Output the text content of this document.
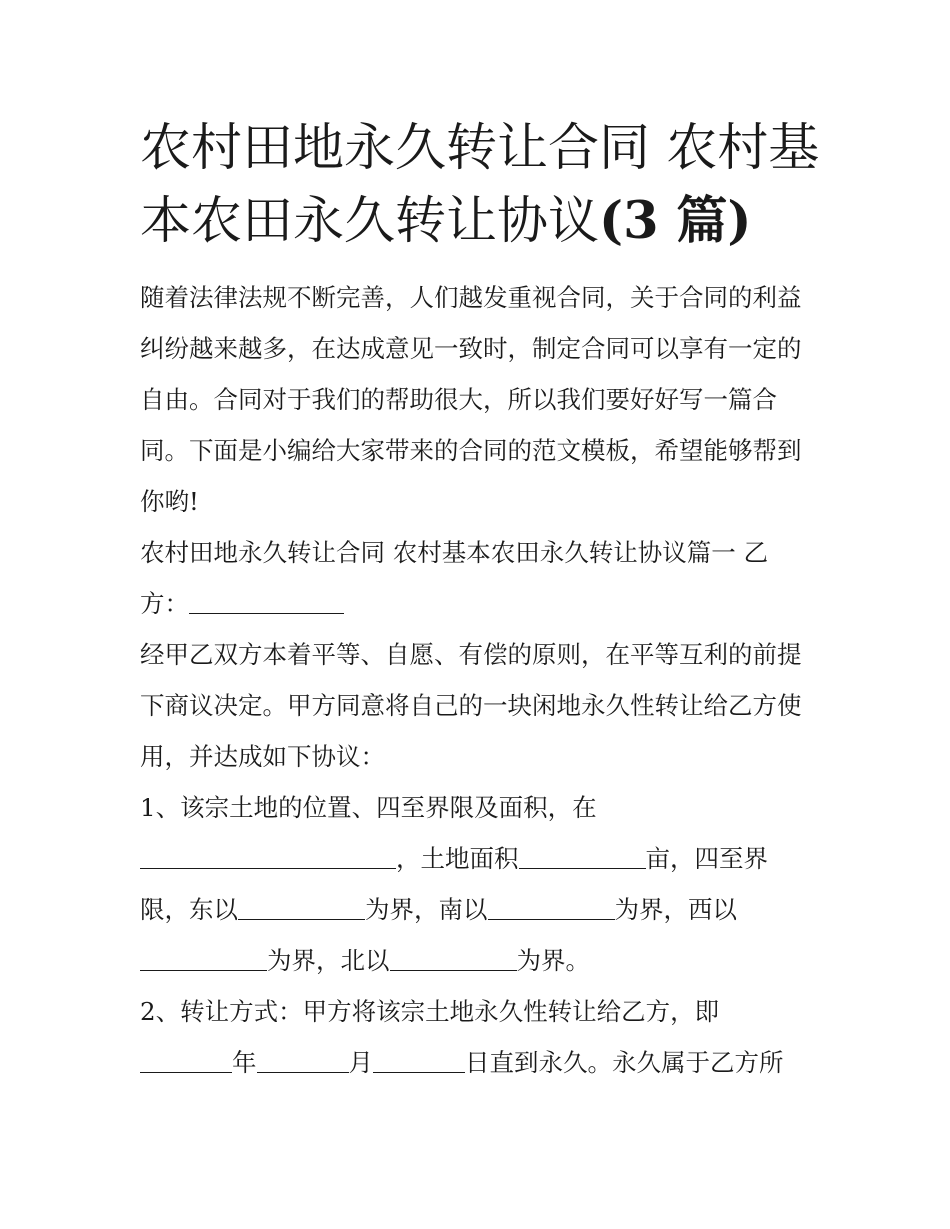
农村田地永久转让合同 农村基
本农田永久转让协议(3 篇)
随着法律法规不断完善，人们越发重视合同，关于合同的利益
纠纷越来越多，在达成意见一致时，制定合同可以享有一定的
自由。合同对于我们的帮助很大，所以我们要好好写一篇合
同。下面是小编给大家带来的合同的范文模板，希望能够帮到
你哟!
农村田地永久转让合同 农村基本农田永久转让协议篇一 乙
方：
经甲乙双方本着平等、自愿、有偿的原则，在平等互利的前提
下商议决定。甲方同意将自己的一块闲地永久性转让给乙方使
用，并达成如下协议：
1、该宗土地的位置、四至界限及面积，在
，土地面积	亩，四至界
限，东以	为界，南以	为界，西以
为界，北以	为界。
2、转让方式：甲方将该宗土地永久性转让给乙方，即
年	月	日直到永久。永久属于乙方所
